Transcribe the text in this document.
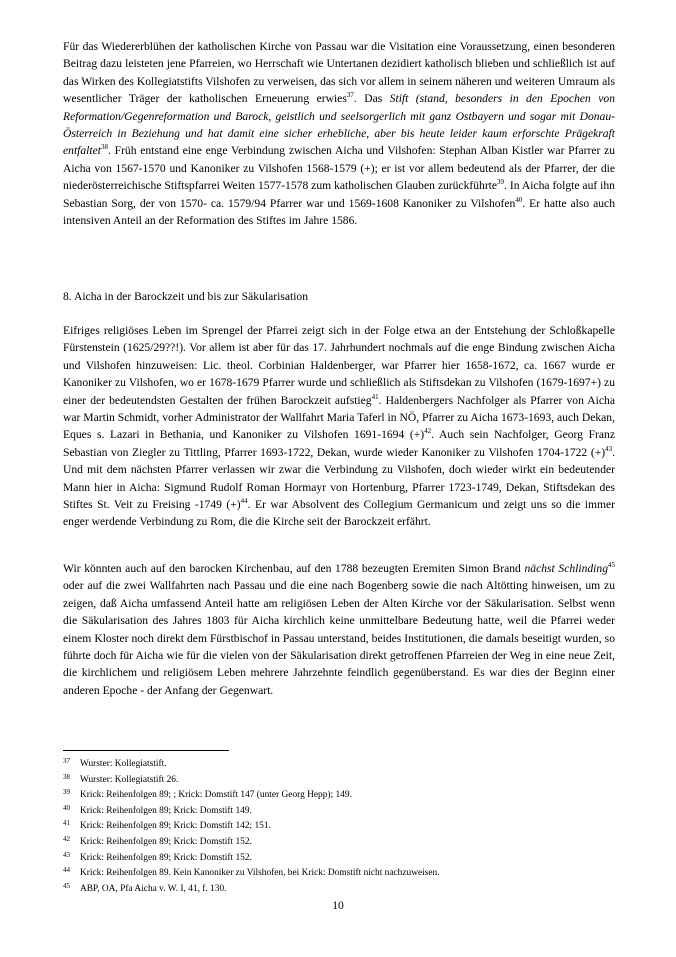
Für das Wiedererblühen der katholischen Kirche von Passau war die Visitation eine Voraussetzung, einen besonderen Beitrag dazu leisteten jene Pfarreien, wo Herrschaft wie Untertanen dezidiert katholisch blieben und schließlich ist auf das Wirken des Kollegiatstifts Vilshofen zu verweisen, das sich vor allem in seinem näheren und weiteren Umraum als wesentlicher Träger der katholischen Erneuerung erwies$^{37}$. Das Stift (stand, besonders in den Epochen von Reformation/Gegenreformation und Barock, geistlich und seelsorgerlich mit ganz Ostbayern und sogar mit Donau-Österreich in Beziehung und hat damit eine sicher erhebliche, aber bis heute leider kaum erforschte Prägekraft entfaltet$^{38}$. Früh entstand eine enge Verbindung zwischen Aicha und Vilshofen: Stephan Alban Kistler war Pfarrer zu Aicha von 1567-1570 und Kanoniker zu Vilshofen 1568-1579 (+); er ist vor allem bedeutend als der Pfarrer, der die niederösterreichische Stiftspfarrei Weiten 1577-1578 zum katholischen Glauben zurückführte$^{39}$. In Aicha folgte auf ihn Sebastian Sorg, der von 1570- ca. 1579/94 Pfarrer war und 1569-1608 Kanoniker zu Vilshofen$^{40}$. Er hatte also auch intensiven Anteil an der Reformation des Stiftes im Jahre 1586.

8. Aicha in der Barockzeit und bis zur Säkularisation

Eifriges religiöses Leben im Sprengel der Pfarrei zeigt sich in der Folge etwa an der Entstehung der Schloßkapelle Fürstenstein (1625/29??!). Vor allem ist aber für das 17. Jahrhundert nochmals auf die enge Bindung zwischen Aicha und Vilshofen hinzuweisen: Lic. theol. Corbinian Haldenberger, war Pfarrer hier 1658-1672, ca. 1667 wurde er Kanoniker zu Vilshofen, wo er 1678-1679 Pfarrer wurde und schließlich als Stiftsdekan zu Vilshofen (1679-1697+) zu einer der bedeutendsten Gestalten der frühen Barockzeit aufstieg$^{41}$. Haldenbergers Nachfolger als Pfarrer von Aicha war Martin Schmidt, vorher Administrator der Wallfahrt Maria Taferl in NÖ, Pfarrer zu Aicha 1673-1693, auch Dekan, Eques s. Lazari in Bethania, und Kanoniker zu Vilshofen 1691-1694 $(+)^{42}$. Auch sein Nachfolger, Georg Franz Sebastian von Ziegler zu Tittling, Pfarrer 1693-1722, Dekan, wurde wieder Kanoniker zu Vilshofen 1704-1722 $(+)^{43}$. Und mit dem nächsten Pfarrer verlassen wir zwar die Verbindung zu Vilshofen, doch wieder wirkt ein bedeutender Mann hier in Aicha: Sigmund Rudolf Roman Hormayr von Hortenburg, Pfarrer 1723-1749, Dekan, Stiftsdekan des Stiftes St. Veit zu Freising -1749 $(+)^{44}$. Er war Absolvent des Collegium Germanicum und zeigt uns so die immer enger werdende Verbindung zu Rom, die die Kirche seit der Barockzeit erfährt.

Wir könnten auch auf den barocken Kirchenbau, auf den 1788 bezeugten Eremiten Simon Brand nächst Schlinding$^{45}$ oder auf die zwei Wallfahrten nach Passau und die eine nach Bogenberg sowie die nach Altötting hinweisen, um zu zeigen, daß Aicha umfassend Anteil hatte am religiösen Leben der Alten Kirche vor der Säkularisation. Selbst wenn die Säkularisation des Jahres 1803 für Aicha kirchlich keine unmittelbare Bedeutung hatte, weil die Pfarrei weder einem Kloster noch direkt dem Fürstbischof in Passau unterstand, beides Institutionen, die damals beseitigt wurden, so führte doch für Aicha wie für die vielen von der Säkularisation direkt getroffenen Pfarreien der Weg in eine neue Zeit, die kirchlichem und religiösem Leben mehrere Jahrzehnte feindlich gegenüberstand. Es war dies der Beginn einer anderen Epoche - der Anfang der Gegenwart.

37 Wurster: Kollegiatstift.
38 Wurster: Kollegiatstift 26.
39 Krick: Reihenfolgen 89; ; Krick: Domstift 147 (unter Georg Hepp); 149.
40 Krick: Reihenfolgen 89; Krick: Domstift 149.
41 Krick: Reihenfolgen 89; Krick: Domstift 142; 151.
42 Krick: Reihenfolgen 89; Krick: Domstift 152.
43 Krick: Reihenfolgen 89; Krick: Domstift 152.
44 Krick: Reihenfolgen 89. Kein Kanoniker zu Vilshofen, bei Krick: Domstift nicht nachzuweisen.
45 ABP, OA, Pfa Aicha v. W. I, 41, f. 130.
10
